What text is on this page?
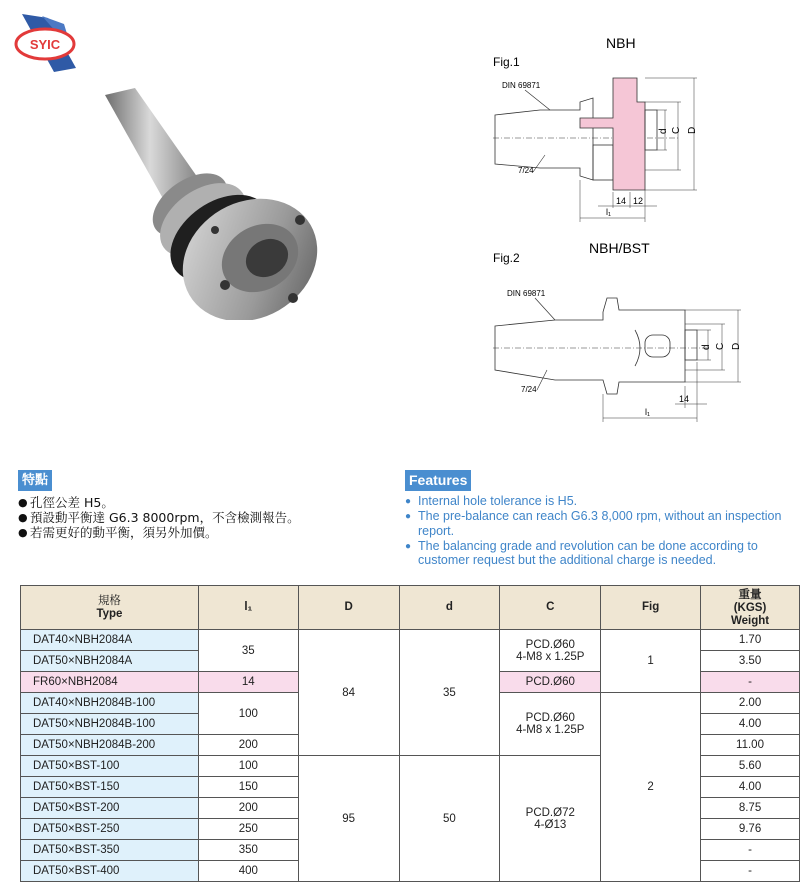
SYIC
Fig.1
NBH
DIN 69871
d C D
l₁
14 12
7/24
Fig.2
NBH/BST
DIN 69871
d C D
l₁
14
7/24
特點
● 孔徑公差 H5。
● 預設動平衡達 G6.3 8000rpm，不含檢測報告。
● 若需更好的動平衡，須另外加價。
Features
● Internal hole tolerance is H5.
● The pre-balance can reach G6.3 8,000 rpm, without an inspection report.
● The balancing grade and revolution can be done according to customer request but the additional charge is needed.
規格
Type	l₁	D	d	C	Fig	重量
(KGS)
Weight
DAT40×NBH2084A	35	84	35	PCD.Ø60
4-M8 x 1.25P	1	1.70
DAT50×NBH2084A						3.50
FR60×NBH2084	14			PCD.Ø60		-
DAT40×NBH2084B-100	100			PCD.Ø60
4-M8 x 1.25P	2	2.00
DAT50×NBH2084B-100						4.00
DAT50×NBH2084B-200	200					11.00
DAT50×BST-100	100	95	50	PCD.Ø72
4-Ø13		5.60
DAT50×BST-150	150					4.00
DAT50×BST-200	200					8.75
DAT50×BST-250	250					9.76
DAT50×BST-350	350					-
DAT50×BST-400	400					-
